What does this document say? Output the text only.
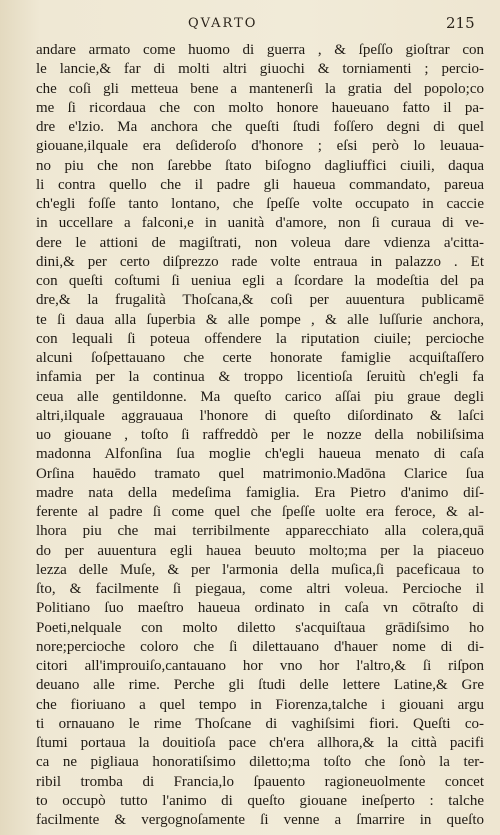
QVARTO	215
andare armato come huomo di guerra , & ſpeſſo gioſtrar con
le lancie,& far di molti altri giuochi & torniamenti ; percio-
che coſi gli metteua bene a mantenerſi la gratia del popolo;co
me ſi ricordaua che con molto honore haueuano fatto il pa-
dre e'lzio. Ma anchora che queſti ſtudi foſſero degni di quel
giouane,ilquale era deſideroſo d'honore ; eſsi però lo leuaua-
no piu che non ſarebbe ſtato biſogno dagliuffici ciuili, daqua
li contra quello che il padre gli haueua commandato, pareua
ch'egli foſſe tanto lontano, che ſpeſſe volte occupato in caccie
in uccellare a falconi,e in uanità d'amore, non ſi curaua di ve-
dere le attioni de magiſtrati, non voleua dare vdienza a'citta-
dini,& per certo diſprezzo rade volte entraua in palazzo . Et
con queſti coſtumi ſi ueniua egli a ſcordare la modeſtia del pa
dre,& la frugalità Thoſcana,& coſi per auuentura publicamē
te ſi daua alla ſuperbia & alle pompe , & alle luſſurie anchora,
con lequali ſi poteua offendere la riputation ciuile; percioche
alcuni ſoſpettauano che certe honorate famiglie acquiſtaſſero
infamia per la continua & troppo licentioſa ſeruitù ch'egli fa
ceua alle gentildonne. Ma queſto carico aſſai piu graue degli
altri,ilquale aggrauaua l'honore di queſto diſordinato & laſci
uo giouane , toſto ſi raffreddò per le nozze della nobiliſsima
madonna Alfonſina ſua moglie ch'egli haueua menato di caſa
Orſina hauēdo tramato quel matrimonio.Madōna Clarice ſua
madre nata della medeſima famiglia. Era Pietro d'animo diſ-
ferente al padre ſi come quel che ſpeſſe uolte era feroce, & al-
lhora piu che mai terribilmente apparecchiato alla colera,quā
do per auuentura egli hauea beuuto molto;ma per la piaceuo
lezza delle Muſe, & per l'armonia della muſica,ſi paceficaua to
ſto, & facilmente ſi piegaua, come altri voleua. Percioche il
Politiano ſuo maeſtro haueua ordinato in caſa vn cōtraſto di
Poeti,nelquale con molto diletto s'acquiſtaua grādiſsimo ho
nore;percioche coloro che ſi dilettauano d'hauer nome di di-
citori all'improuiſo,cantauano hor vno hor l'altro,& ſi riſpon
deuano alle rime. Perche gli ſtudi delle lettere Latine,& Gre
che fioriuano a quel tempo in Fiorenza,talche i giouani argu
ti ornauano le rime Thoſcane di vaghiſsimi fiori. Queſti co-
ſtumi portaua la douitioſa pace ch'era allhora,& la città pacifi
ca ne pigliaua honoratiſsimo diletto;ma toſto che ſonò la ter-
ribil tromba di Francia,lo ſpauento ragioneuolmente concet
to occupò tutto l'animo di queſto giouane ineſperto : talche
facilmente & vergognoſamente ſi venne a ſmarrire in queſto
